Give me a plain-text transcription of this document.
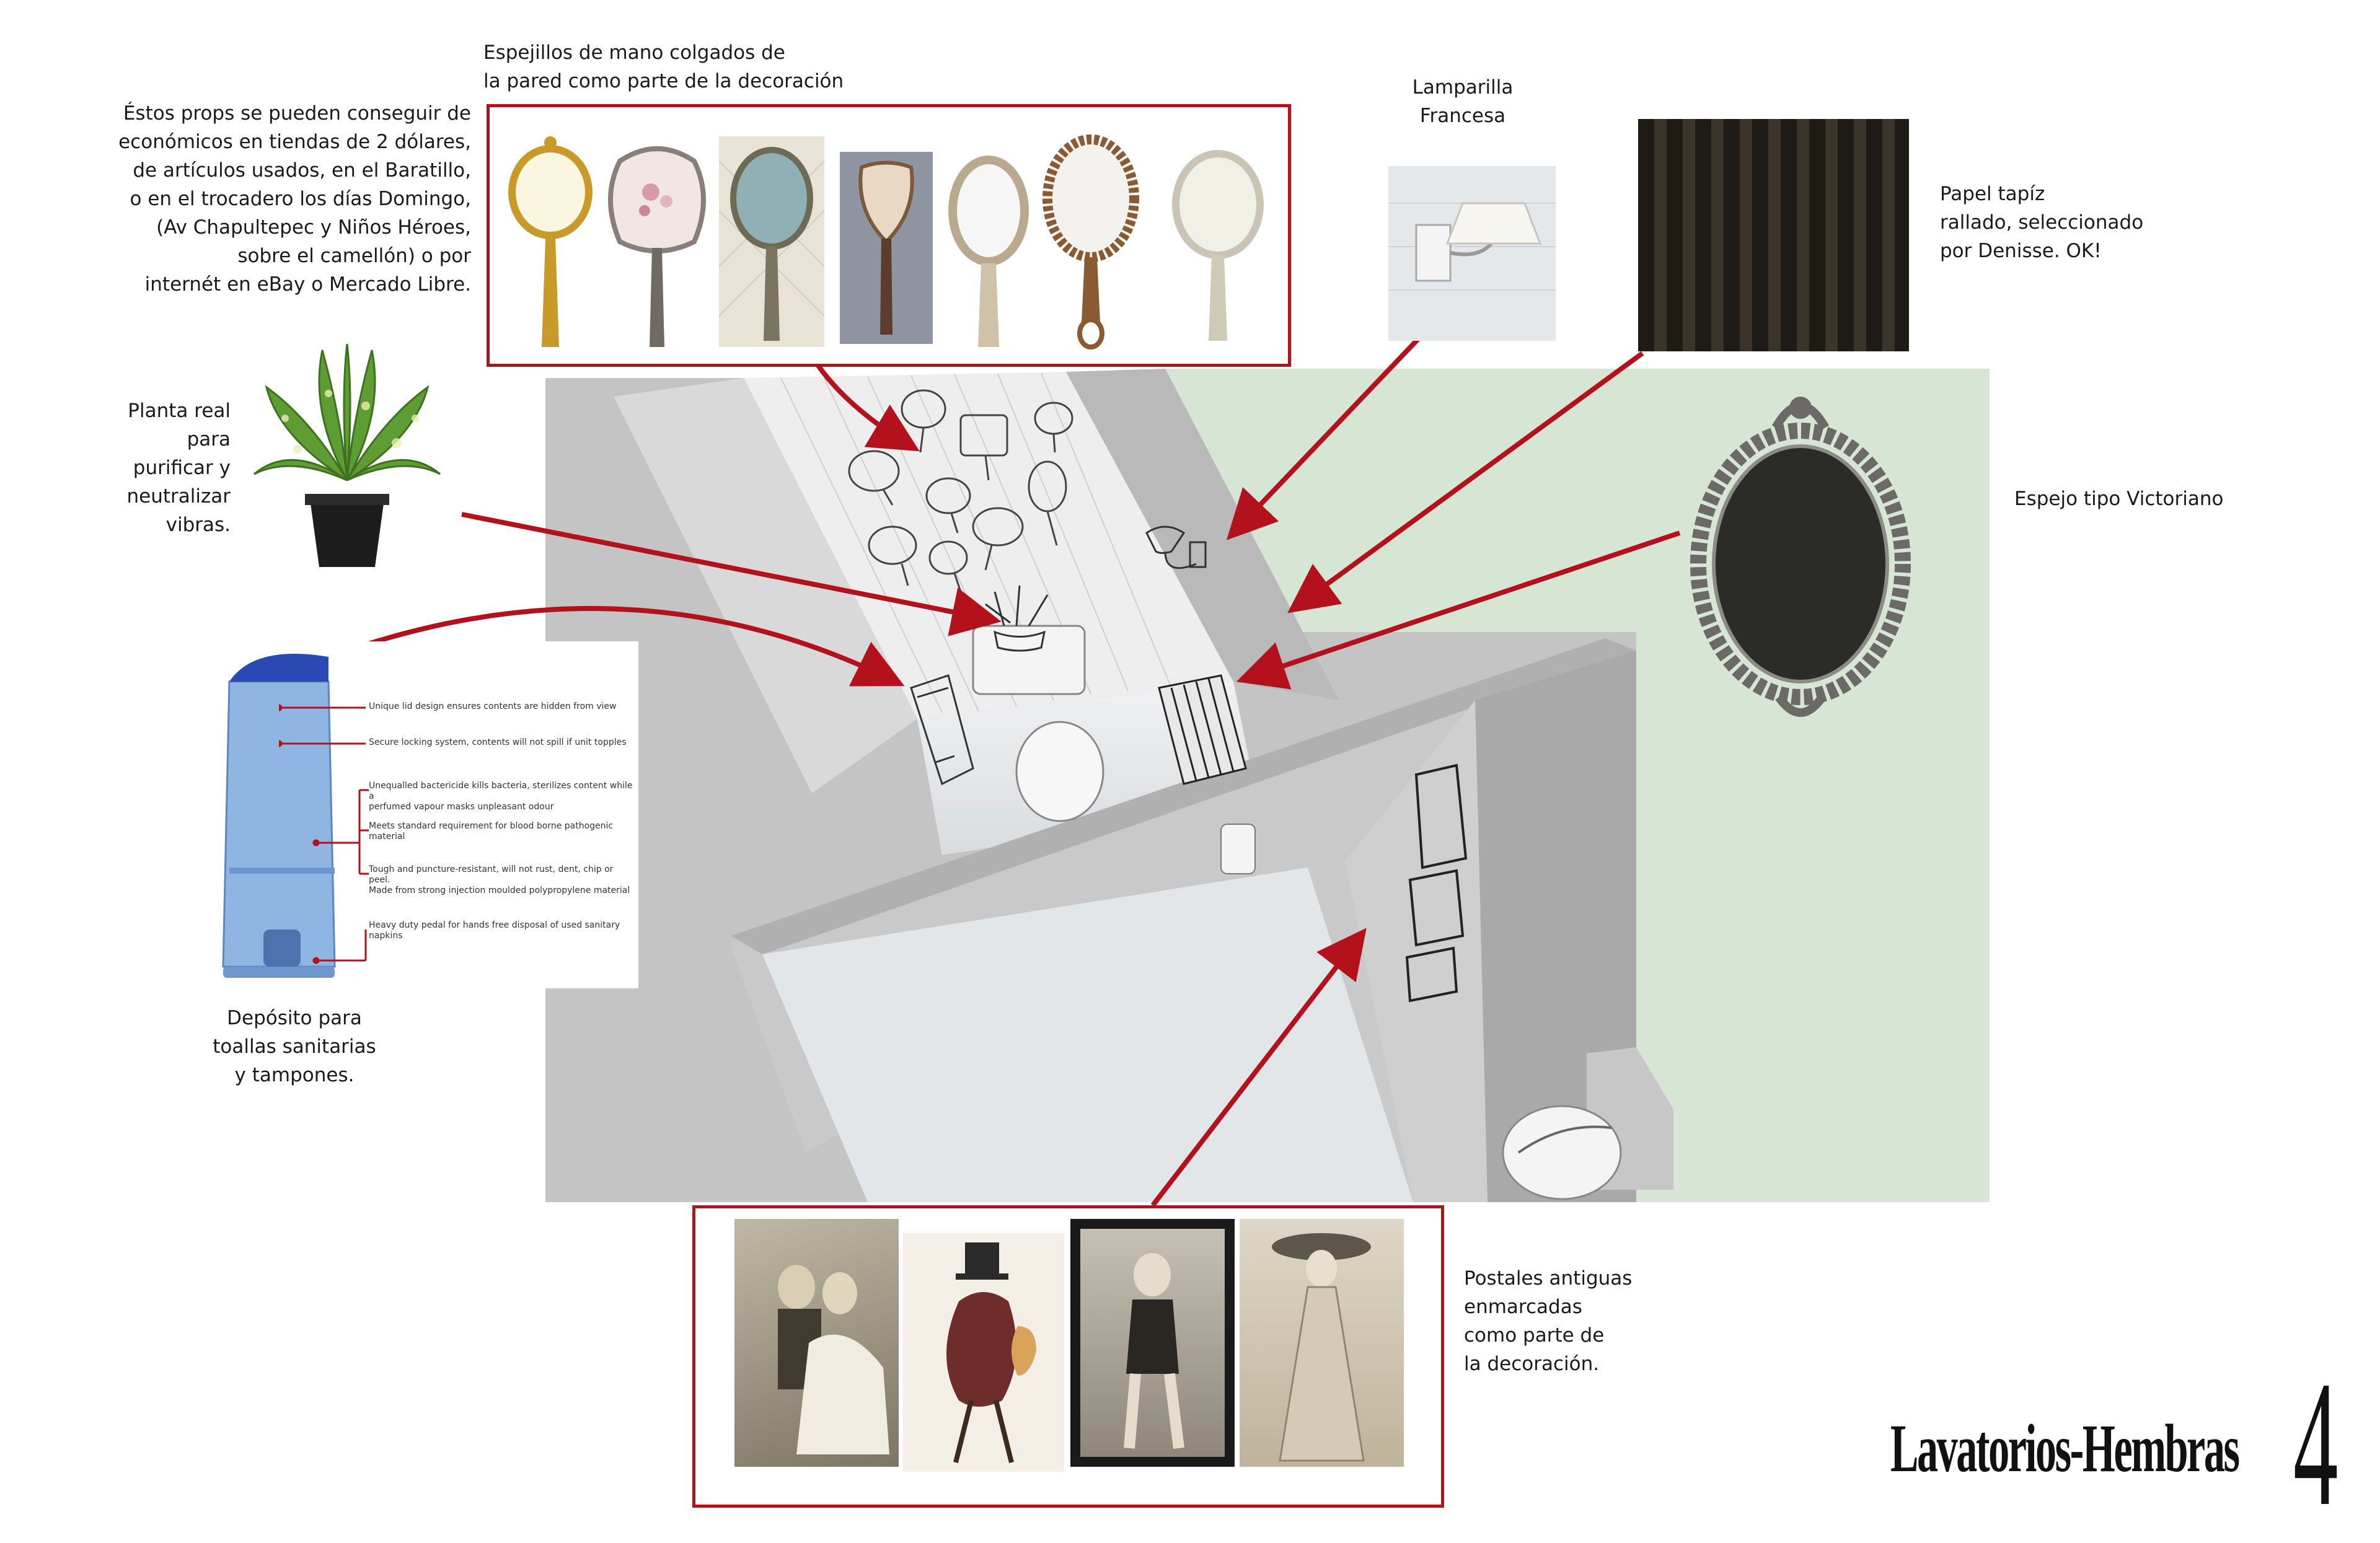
Lavatorios-Hembras 4
Éstos props se pueden conseguir de
económicos en tiendas de 2 dólares,
de artículos usados, en el Baratillo,
o en el trocadero los días Domingo,
(Av Chapultepec y Niños Héroes,
sobre el camellón) o por
internét en eBay o Mercado Libre.
Espejillos de mano colgados de
la pared como parte de la decoración	Lamparilla
Francesa
Papel tapíz
rallado, seleccionado
por Denisse. OK!
Espejo tipo Victoriano
Planta real
para
purificar y
neutralizar
vibras.
Depósito para
toallas sanitarias
y tampones.
Postales antiguas
enmarcadas
como parte de
la decoración.
Unique lid design ensures contents are hidden from view
Secure locking system, contents will not spill if unit topples
Unequalled bactericide kills bacteria, sterilizes content while a
perfumed vapour masks unpleasant odour
Meets standard requirement for blood borne pathogenic
material
Tough and puncture-resistant, will not rust, dent, chip or peel.
Made from strong injection moulded polypropylene material
Heavy duty pedal for hands free disposal of used sanitary
napkins
